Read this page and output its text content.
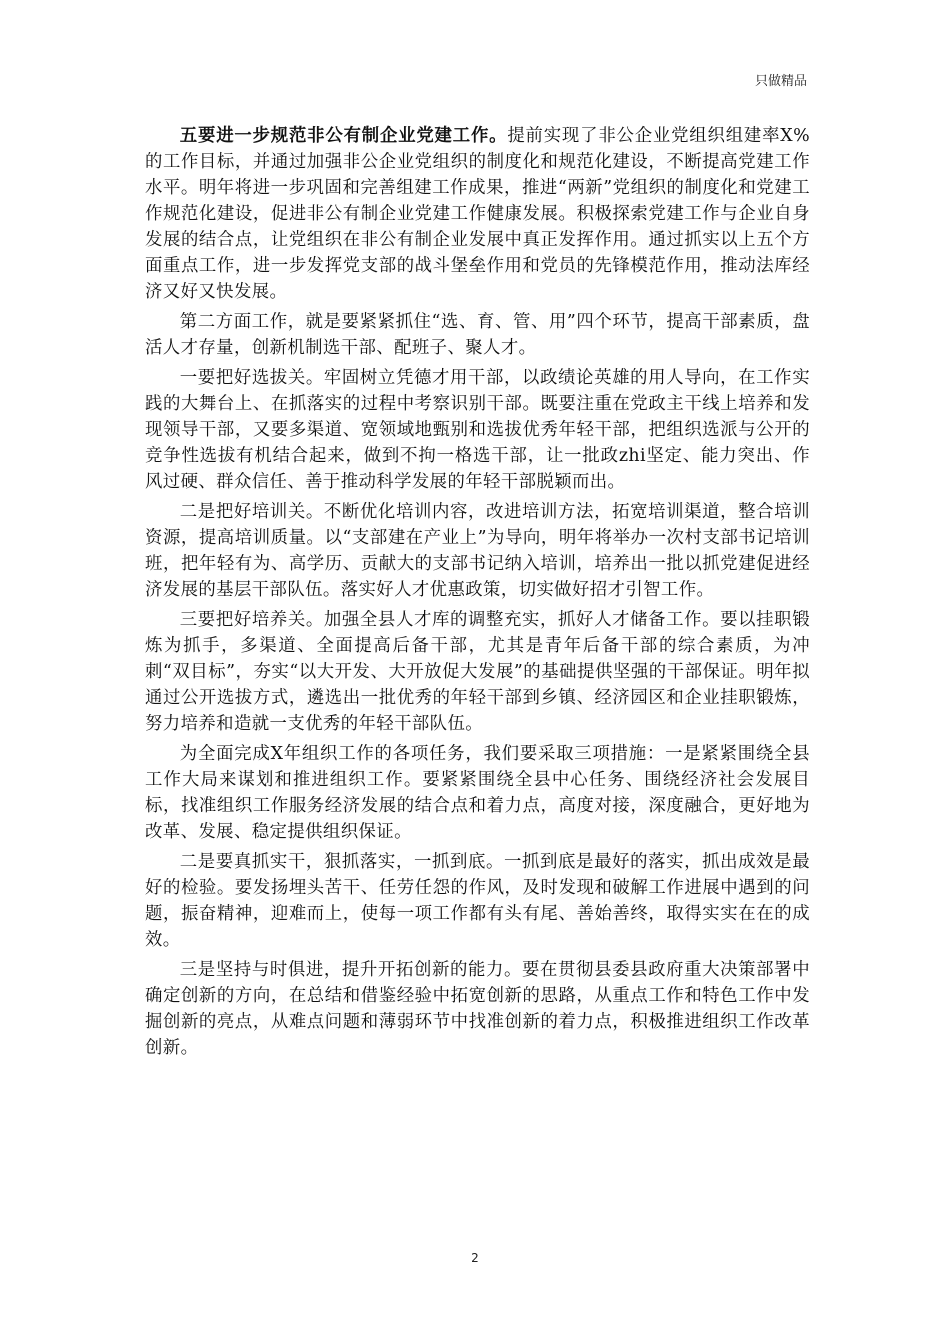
只做精品

五要进一步规范非公有制企业党建工作。提前实现了非公企业党组织组建率X%的工作目标，并通过加强非公企业党组织的制度化和规范化建设，不断提高党建工作水平。明年将进一步巩固和完善组建工作成果，推进“两新”党组织的制度化和党建工作规范化建设，促进非公有制企业党建工作健康发展。积极探索党建工作与企业自身发展的结合点，让党组织在非公有制企业发展中真正发挥作用。通过抓实以上五个方面重点工作，进一步发挥党支部的战斗堡垒作用和党员的先锋模范作用，推动法库经济又好又快发展。

第二方面工作，就是要紧紧抓住“选、育、管、用”四个环节，提高干部素质，盘活人才存量，创新机制选干部、配班子、聚人才。

一要把好选拔关。牢固树立凭德才用干部，以政绩论英雄的用人导向，在工作实践的大舞台上、在抓落实的过程中考察识别干部。既要注重在党政主干线上培养和发现领导干部，又要多渠道、宽领域地甄别和选拔优秀年轻干部，把组织选派与公开的竞争性选拔有机结合起来，做到不拘一格选干部，让一批政zhi坚定、能力突出、作风过硬、群众信任、善于推动科学发展的年轻干部脱颖而出。

二是把好培训关。不断优化培训内容，改进培训方法，拓宽培训渠道，整合培训资源，提高培训质量。以“支部建在产业上”为导向，明年将举办一次村支部书记培训班，把年轻有为、高学历、贡献大的支部书记纳入培训，培养出一批以抓党建促进经济发展的基层干部队伍。落实好人才优惠政策，切实做好招才引智工作。

三要把好培养关。加强全县人才库的调整充实，抓好人才储备工作。要以挂职锻炼为抓手，多渠道、全面提高后备干部，尤其是青年后备干部的综合素质，为冲刺“双目标”，夯实“以大开发、大开放促大发展”的基础提供坚强的干部保证。明年拟通过公开选拔方式，遴选出一批优秀的年轻干部到乡镇、经济园区和企业挂职锻炼，努力培养和造就一支优秀的年轻干部队伍。

为全面完成X年组织工作的各项任务，我们要采取三项措施：一是紧紧围绕全县工作大局来谋划和推进组织工作。要紧紧围绕全县中心任务、围绕经济社会发展目标，找准组织工作服务经济发展的结合点和着力点，高度对接，深度融合，更好地为改革、发展、稳定提供组织保证。

二是要真抓实干，狠抓落实，一抓到底。一抓到底是最好的落实，抓出成效是最好的检验。要发扬埋头苦干、任劳任怨的作风，及时发现和破解工作进展中遇到的问题，振奋精神，迎难而上，使每一项工作都有头有尾、善始善终，取得实实在在的成效。

三是坚持与时俱进，提升开拓创新的能力。要在贯彻县委县政府重大决策部署中确定创新的方向，在总结和借鉴经验中拓宽创新的思路，从重点工作和特色工作中发掘创新的亮点，从难点问题和薄弱环节中找准创新的着力点，积极推进组织工作改革创新。

2
